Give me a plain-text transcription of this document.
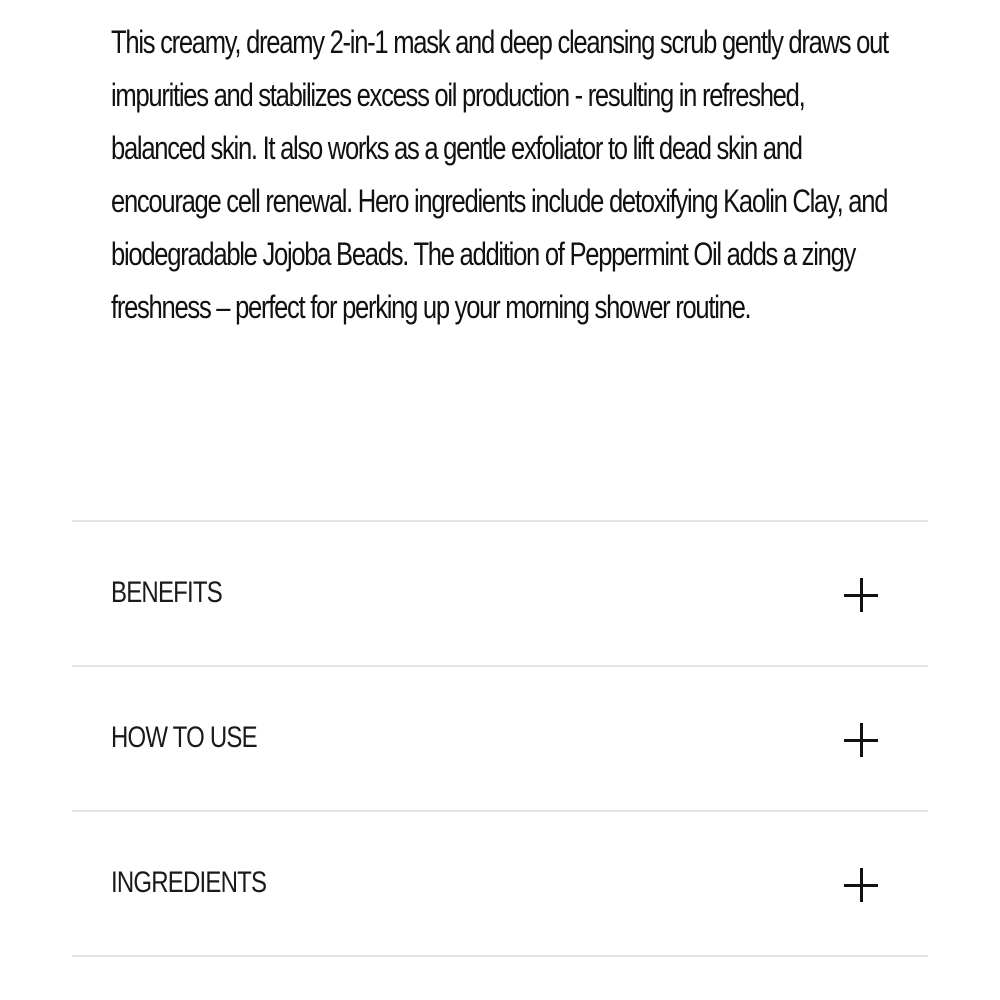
This creamy, dreamy 2-in-1 mask and deep cleansing scrub gently draws out impurities and stabilizes excess oil production - resulting in refreshed, balanced skin. It also works as a gentle exfoliator to lift dead skin and encourage cell renewal. Hero ingredients include detoxifying Kaolin Clay, and biodegradable Jojoba Beads. The addition of Peppermint Oil adds a zingy freshness – perfect for perking up your morning shower routine.

BENEFITS
HOW TO USE
INGREDIENTS
